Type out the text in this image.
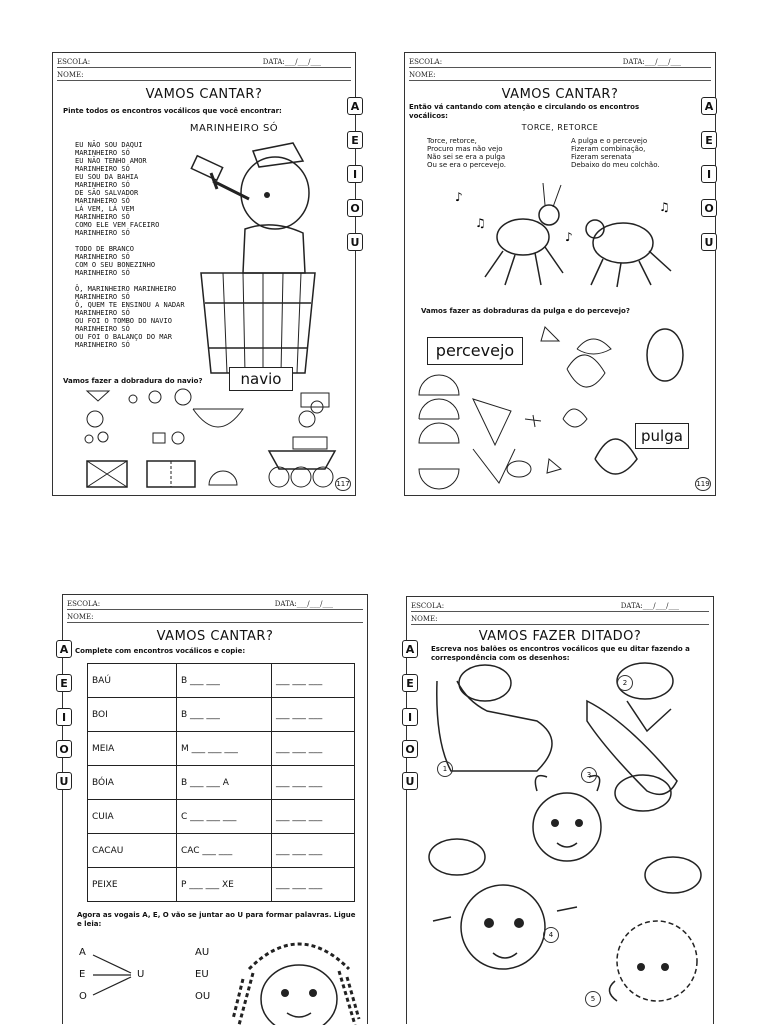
ESCOLA:	DATA:___/___/___
NOME:
VAMOS CANTAR?
Pinte todos os encontros vocálicos que você encontrar:
MARINHEIRO SÓ
EU NÃO SOU DAQUI
MARINHEIRO SÓ
EU NÃO TENHO AMOR
MARINHEIRO SÓ
EU SOU DA BAHIA
MARINHEIRO SÓ
DE SÃO SALVADOR
MARINHEIRO SÓ
LÁ VEM, LÁ VEM
MARINHEIRO SÓ
COMO ELE VEM FACEIRO
MARINHEIRO SÓ

TODO DE BRANCO
MARINHEIRO SÓ
COM O SEU BONEZINHO
MARINHEIRO SÓ

Ô, MARINHEIRO MARINHEIRO
MARINHEIRO SÓ
Ô, QUEM TE ENSINOU A NADAR
MARINHEIRO SÓ
OU FOI O TOMBO DO NAVIO
MARINHEIRO SÓ
OU FOI O BALANÇO DO MAR
MARINHEIRO SÓ
A
E
I
O
U
Vamos fazer a dobradura do navio?	navio
117
ESCOLA:	DATA:___/___/___
NOME:
VAMOS CANTAR?
Então vá cantando com atenção e circulando os encontros vocálicos:
TORCE, RETORCE
Torce, retorce,
Procuro mas não vejo
Não sei se era a pulga
Ou se era o percevejo.
A pulga e o percevejo
Fizeram combinação,
Fizeram serenata
Debaixo do meu colchão.
A
E
I
O
U
♪
♫
♪
♫
Vamos fazer as dobraduras da pulga e do percevejo?
percevejo
pulga
119
ESCOLA:	DATA:___/___/___
NOME:
VAMOS CANTAR?
Complete com encontros vocálicos e copie:
BAÚ	B ___ ___	___ ___ ___
BOI	B ___ ___	___ ___ ___
MEIA	M ___ ___ ___	___ ___ ___
BÓIA	B ___ ___ A	___ ___ ___
CUIA	C ___ ___ ___	___ ___ ___
CACAU	CAC ___ ___	___ ___ ___
PEIXE	P ___ ___ XE	___ ___ ___
Agora as vogais A, E, O vão se juntar ao U para formar palavras. Ligue e leia:
A
E
O
U
AU
EU
OU
A
E
I
O
U
ESCOLA:	DATA:___/___/___
NOME:
VAMOS FAZER DITADO?
Escreva nos balões os encontros vocálicos que eu ditar fazendo a correspondência com os desenhos:
1
2
3
4
5
A
E
I
O
U
